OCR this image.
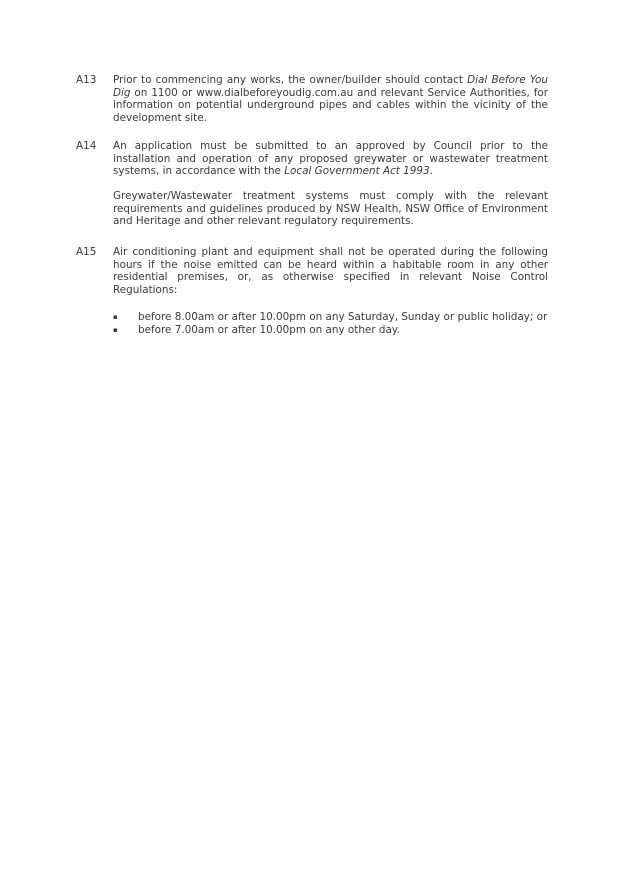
A13	Prior to commencing any works, the owner/builder should contact Dial Before You Dig on 1100 or www.dialbeforeyoudig.com.au and relevant Service Authorities, for information on potential underground pipes and cables within the vicinity of the development site.

A14	An application must be submitted to an approved by Council prior to the installation and operation of any proposed greywater or wastewater treatment systems, in accordance with the Local Government Act 1993.

Greywater/Wastewater treatment systems must comply with the relevant requirements and guidelines produced by NSW Health, NSW Office of Environment and Heritage and other relevant regulatory requirements.

A15	Air conditioning plant and equipment shall not be operated during the following hours if the noise emitted can be heard within a habitable room in any other residential premises, or, as otherwise specified in relevant Noise Control Regulations:

▪	before 8.00am or after 10.00pm on any Saturday, Sunday or public holiday; or
▪	before 7.00am or after 10.00pm on any other day.
